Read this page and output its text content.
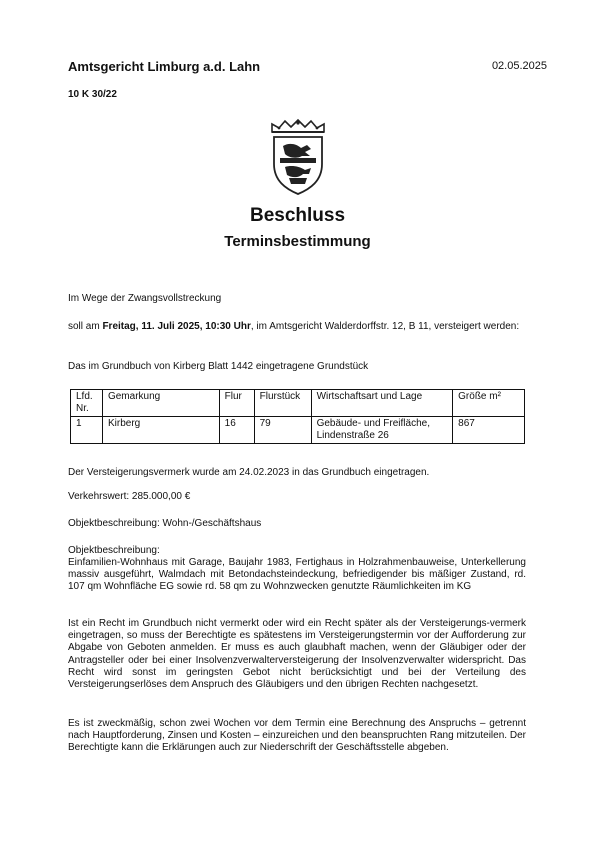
Amtsgericht Limburg a.d. Lahn	02.05.2025
10 K 30/22
Beschluss
Terminsbestimmung
Im Wege der Zwangsvollstreckung
soll am Freitag, 11. Juli 2025, 10:30 Uhr, im Amtsgericht Walderdorffstr. 12, B 11, versteigert werden:
Das im Grundbuch von Kirberg Blatt 1442 eingetragene Grundstück
Lfd. Nr.	Gemarkung	Flur	Flurstück	Wirtschaftsart und Lage	Größe m²
1	Kirberg	16	79	Gebäude- und Freifläche, Lindenstraße 26	867
Der Versteigerungsvermerk wurde am 24.02.2023 in das Grundbuch eingetragen.
Verkehrswert: 285.000,00 €
Objektbeschreibung: Wohn-/Geschäftshaus
Objektbeschreibung:
Einfamilien-Wohnhaus mit Garage, Baujahr 1983, Fertighaus in Holzrahmenbauweise, Unterkellerung massiv ausgeführt, Walmdach mit Betondachsteindeckung, befriedigender bis mäßiger Zustand, rd. 107 qm Wohnfläche EG sowie rd. 58 qm zu Wohnzwecken genutzte Räumlichkeiten im KG
Ist ein Recht im Grundbuch nicht vermerkt oder wird ein Recht später als der Versteigerungs-vermerk eingetragen, so muss der Berechtigte es spätestens im Versteigerungstermin vor der Aufforderung zur Abgabe von Geboten anmelden. Er muss es auch glaubhaft machen, wenn der Gläubiger oder der Antragsteller oder bei einer Insolvenzverwalterversteigerung der Insolvenzverwalter widerspricht. Das Recht wird sonst im geringsten Gebot nicht berücksichtigt und bei der Verteilung des Versteigerungserlöses dem Anspruch des Gläubigers und den übrigen Rechten nachgesetzt.
Es ist zweckmäßig, schon zwei Wochen vor dem Termin eine Berechnung des Anspruchs – getrennt nach Hauptforderung, Zinsen und Kosten – einzureichen und den beanspruchten Rang mitzuteilen. Der Berechtigte kann die Erklärungen auch zur Niederschrift der Geschäftsstelle abgeben.
